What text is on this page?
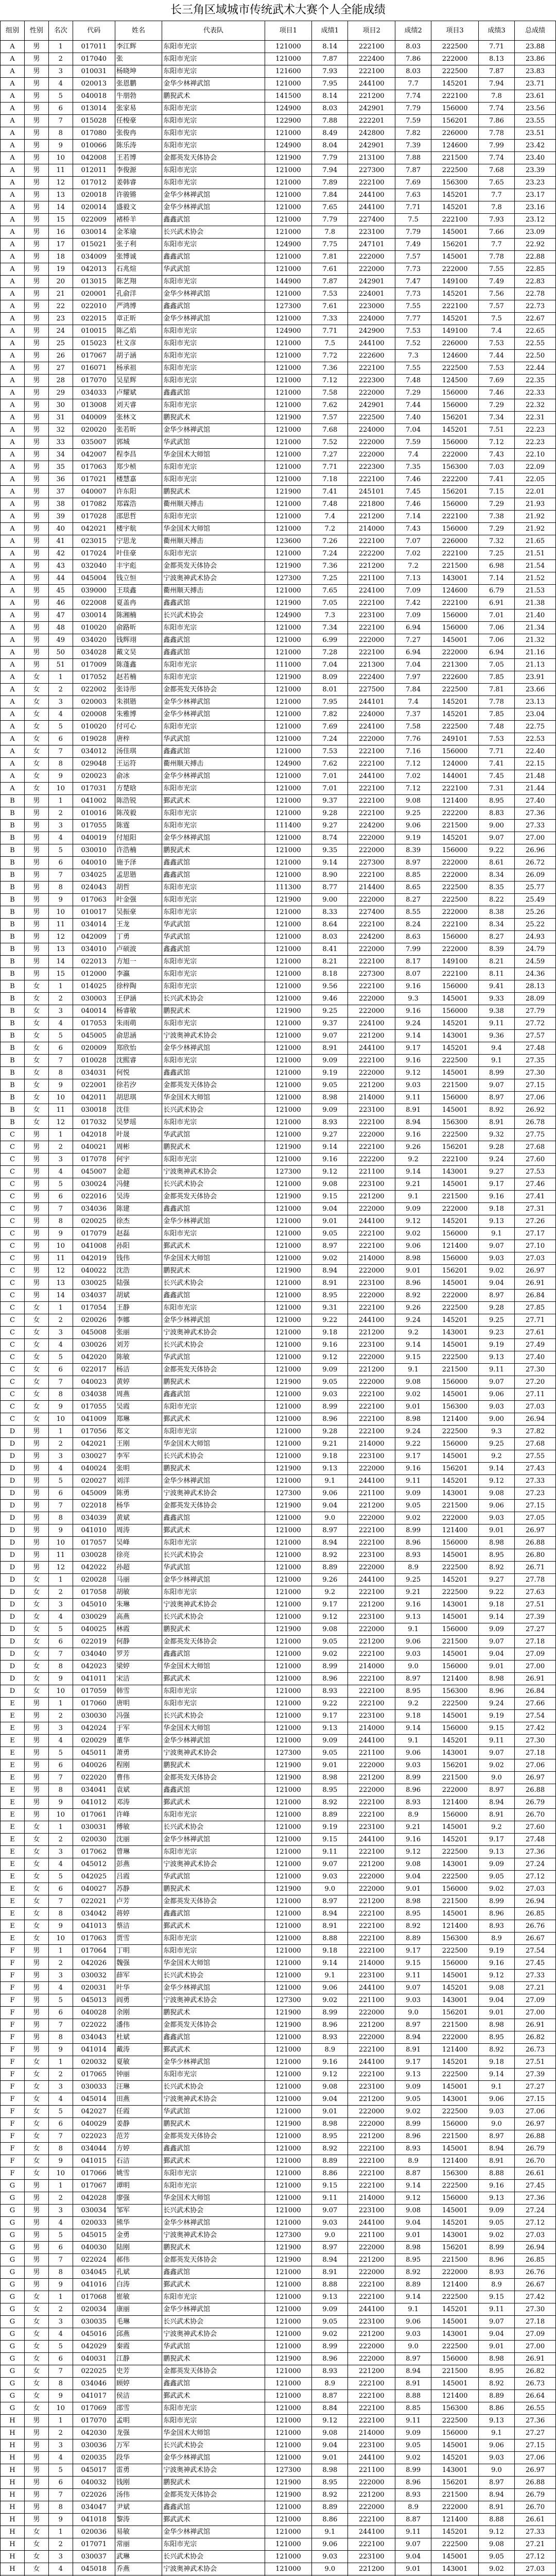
长三角区域城市传统武术大赛个人全能成绩
组别	性别	名次	代码	姓名	代表队	项目1	成绩1	项目2	成绩2	项目3	成绩3	总成绩
A	男	1	017011	李江辉	东阳市光宗	121000	8.14	222100	8.03	222500	7.71	23.88
A	男	2	017040	张	东阳市光宗	121000	7.87	222400	7.86	222000	8.13	23.86
A	男	3	010031	杨晓坤	东阳市光宗	121600	7.93	222100	8.03	222500	7.87	23.83
A	男	4	020013	张恩鹏	金华少林禅武馆	121000	7.95	244100	7.7	145201	7.94	23.71
A	男	5	040018	牛朋勃	鹏猊武术	141500	8.14	221200	7.74	222100	7.8	23.61
A	男	6	013014	张家易	东阳市光宗	124900	8.03	242901	7.79	156000	7.74	23.56
A	男	7	015028	任梭豪	东阳市光宗	122900	7.88	222201	7.59	156201	7.86	23.55
A	男	8	017080	张俊冉	东阳市光宗	121000	8.49	242800	7.82	226000	7.78	23.51
A	男	9	010066	陈乐涛	东阳市光宗	124900	8.04	242901	7.39	124600	7.99	23.42
A	男	10	042008	王若博	金都英发天体协会	121900	7.79	213100	7.88	221500	7.74	23.40
A	男	11	012011	李俊源	东阳市光宗	121000	7.94	227300	7.87	222500	7.68	23.39
A	男	12	017012	姜韩睿	东阳市光宗	121000	7.89	222100	7.69	156300	7.65	23.23
A	男	13	020018	许骏锵	金华少林禅武馆	121000	7.84	244100	7.63	145201	7.7	23.17
A	男	14	020014	盛毅文	金华少林禅武馆	121000	7.65	244100	7.71	145201	7.8	23.16
A	男	15	022009	褚桥羊	鑫鑫武馆	121000	7.79	227400	7.5	222100	7.93	23.12
A	男	16	030014	金苯瑜	长兴武术协会	121000	7.8	223100	7.79	145001	7.66	23.09
A	男	17	015021	张子利	东阳市光宗	124900	7.75	247101	7.49	156201	7.7	22.92
A	男	18	034009	张博诚	鑫鑫武馆	121000	7.81	222000	7.57	145001	7.78	22.88
A	男	19	042013	石兆煊	华武武馆	121000	7.61	222000	7.73	222000	7.55	22.85
A	男	20	013015	陈艺翔	东阳市光宗	144900	7.87	242901	7.47	149100	7.49	22.83
A	男	21	020001	孔俞洋	金华少林禅武馆	121000	7.53	224001	7.73	145201	7.56	22.78
A	男	22	022010	严鸿博	鑫鑫武馆	127300	7.61	223000	7.55	222100	7.57	22.73
A	男	23	022015	章正昕	金华少林禅武馆	121000	7.33	224000	7.77	145201	7.5	22.67
A	男	24	010015	陈乙焰	东阳市光宗	124900	7.71	242900	7.53	149100	7.4	22.65
A	男	25	015023	杜文彦	东阳市光宗	121000	7.5	244100	7.52	226000	7.53	22.55
A	男	26	017067	胡子涵	东阳市光宗	121000	7.72	222600	7.3	124600	7.44	22.50
A	男	27	016071	杨承祖	东阳市光宗	121000	7.36	222100	7.55	222500	7.53	22.44
A	男	28	017070	吴星辉	东阳市光宗	121000	7.12	222300	7.48	124500	7.69	22.35
A	男	29	034033	卢耀斌	鑫鑫武馆	121000	7.58	222000	7.29	156000	7.46	22.33
A	男	30	013008	刘天睿	东阳市光宗	121000	7.62	242901	7.44	156000	7.29	22.32
A	男	31	040009	张林文	鹏猊武术	121900	7.57	222500	7.40	156201	7.34	22.31
A	男	32	020020	张若昕	金华少林禅武馆	121000	7.68	224000	7.04	145201	7.51	22.23
A	男	33	035007	郭城	华武武馆	121000	7.52	222000	7.59	156000	7.12	22.23
A	男	34	042007	程李昌	华金国术大师馆	121000	7.27	222000	7.4	222000	7.43	22.10
A	男	35	017063	郑少桢	东阳市光宗	121000	7.71	222300	7.35	156300	7.03	22.09
A	男	36	017021	楼慧嘉	东阳市光宗	121000	7.18	222100	7.46	222200	7.41	22.05
A	男	37	040007	许东阳	鹏猊武术	121900	7.41	245101	7.45	156201	7.15	22.01
A	男	38	017082	郑霖浩	衢州顺天搏击	121000	7.48	221800	7.46	156000	7.29	21.93
A	男	39	017028	邵思哲	东阳市光宗	121000	7.4	221200	7.14	222100	7.38	21.92
A	男	40	042021	楼宇航	华金国术大师馆	121000	7.2	214000	7.43	156000	7.29	21.92
A	男	41	023015	宁思龙	衢州顺天搏击	123600	7.26	222100	7.07	226000	7.32	21.65
A	男	42	017024	叶佳豪	东阳市光宗	121000	7.24	222200	7.02	222100	7.25	21.51
A	男	43	032040	丰宇彪	金都英发天体协会	121900	7.36	221200	7.2	221500	6.98	21.54
A	男	44	045004	钱立恒	宁波奥神武术协会	127300	7.25	221100	7.13	143001	7.14	21.52
A	男	45	039000	王琰鑫	衢州顺天搏击	121000	7.65	224100	7.09	124600	6.79	21.53
A	男	46	022008	夏盖冉	鑫鑫武馆	121900	7.05	222100	7.42	222100	6.91	21.38
A	男	47	030014	陈湘楠	长兴武术协会	124900	7.3	223100	7.09	156000	7.01	21.40
A	男	48	010020	俞路昕	东阳市光宗	121000	7.34	222100	6.94	156000	7.06	21.34
A	男	49	034020	钱辉翊	鑫鑫武馆	121000	6.99	222000	7.27	145001	7.06	21.32
A	男	50	034028	戴文昊	鑫鑫武馆	121000	7.28	222100	6.94	222000	6.94	21.16
A	男	51	017009	陈蓬鑫	东阳市光宗	111000	7.04	221300	7.04	221300	7.05	21.13
A	女	1	017052	赵若楠	东阳市光宗	121900	8.09	222400	7.97	222600	7.85	23.91
A	女	2	022002	张诗彤	金都英发天体协会	121000	8.01	227500	7.84	222500	7.81	23.66
A	女	3	020003	朱祺锴	金华少林禅武馆	121000	7.95	244101	7.4	145201	7.78	23.13
A	女	4	020008	朱雅博	金华少林禅武馆	121000	7.82	224000	7.37	145201	7.85	23.04
A	女	5	010020	付可心	东阳市光宗	121000	7.69	224100	7.58	222500	7.48	22.75
A	女	6	019028	唐梓	华武武馆	121000	7.24	222000	7.76	249101	7.53	22.53
A	女	7	034012	汤佳琪	鑫鑫武馆	121000	7.53	222100	7.16	156000	7.71	22.40
A	女	8	029048	王运符	衢州顺天搏击	124900	7.62	222100	7.12	124000	7.41	22.15
A	女	9	020023	俞冰	金华少林禅武馆	121000	7.01	244100	7.02	144001	7.45	21.48
A	女	10	017031	方楚晗	东阳市光宗	121000	7.01	222100	7.12	222100	7.31	21.44
B	男	1	041002	陈浩锐	鄞武武术	121000	9.37	222100	9.08	121400	8.95	27.40
B	男	2	010016	陈茂毅	东阳市光宗	121000	9.28	222100	9.25	222200	8.83	27.36
B	男	3	017055	陈霆	东阳市光宗	111400	9.27	224200	9.06	221500	9.00	27.33
B	男	4	040019	付旭阳	金华少林禅武馆	121000	8.74	222000	9.19	145201	9.07	27.00
B	男	5	030010	许浩楠	鹏猊武术	121000	9.35	222000	8.39	156000	9.22	26.96
B	男	6	040010	施予泽	鑫鑫武馆	121000	9.14	227300	8.97	222000	8.61	26.72
B	男	7	034025	孟思锴	鑫鑫武馆	121000	8.90	222100	8.85	222000	8.34	26.09
B	男	8	024043	胡哲	东阳市光宗	111300	8.77	214400	8.65	222500	8.35	25.77
B	男	9	017063	叶金强	东阳市光宗	121900	9.00	222000	8.27	222500	8.22	25.49
B	男	10	010017	吴振豪	东阳市光宗	121000	8.33	227400	8.55	222000	8.38	25.26
B	男	11	034014	王龙	华武武馆	121000	8.64	222100	8.24	222100	8.34	25.22
B	男	12	042009	丁勇	华武武馆	121000	8.03	224200	8.63	156000	8.27	24.93
B	男	13	034010	卢硕波	鑫鑫武馆	121000	8.41	222000	7.99	222000	8.39	24.79
B	男	14	022013	方旭一	东阳市光宗	121000	8.21	222100	8.17	149100	8.21	24.59
B	男	15	012000	李瀛	东阳市光宗	121000	8.18	227300	8.07	222100	8.11	24.36
B	女	1	014025	徐梓陶	东阳市光宗	121000	9.56	222100	9.16	156000	9.41	28.13
B	女	2	030003	王伊涵	长兴武术协会	121000	9.46	222000	9.3	145001	9.33	28.09
B	女	3	040014	杨睿敏	鹏猊武术	121900	9.25	222000	9.16	156000	9.38	27.79
B	女	4	017053	朱雨萌	东阳市光宗	121000	9.37	224100	9.24	145201	9.11	27.72
B	女	5	045005	俞思涵	宁波奥神武术协会	121000	9.07	221200	9.14	143001	9.36	27.57
B	女	6	020009	郑欣怡	金华少林禅武馆	121000	8.91	244100	9.17	145201	9.4	27.48
B	女	7	010028	沈熙睿	东阳市光宗	121000	9.09	222100	9.16	222500	9.1	27.35
B	女	8	034031	何悦	鑫鑫武馆	121000	9.19	222000	9.12	145001	8.99	27.30
B	女	9	022001	徐若汐	金都英发天体协会	121000	9.05	221200	9.03	221500	9.07	27.15
B	女	10	042011	胡思琪	华金国术大师馆	121000	8.98	214000	9.11	156000	8.97	27.06
B	女	11	030018	沈佳	长兴武术协会	121000	9.09	223100	8.91	145001	8.92	26.92
B	女	12	017032	吴梦瑶	东阳市光宗	121000	8.93	222100	8.94	156300	8.91	26.78
C	男	1	042018	叶晟	华武武馆	121000	9.27	222000	9.16	222500	9.32	27.75
C	男	2	040021	周彬	鹏猊武术	121900	9.14	222100	9.26	156201	9.28	27.68
C	男	3	017078	何宇	东阳市光宗	121000	9.16	222200	9.2	222100	9.24	27.60
C	男	4	045007	金超	宁波奥神武术协会	127300	9.12	221100	9.14	143001	9.27	27.53
C	男	5	030024	冯健	长兴武术协会	121000	9.08	223100	9.21	145001	9.17	27.46
C	男	6	022016	吴涛	金都英发天体协会	121900	9.15	221200	9.1	221500	9.16	27.41
C	男	7	034036	陈建	鑫鑫武馆	121000	9.04	222000	9.09	222000	9.18	27.31
C	男	8	020025	徐杰	金华少林禅武馆	121000	9.01	244100	9.12	145201	9.13	27.26
C	男	9	017079	赵磊	东阳市光宗	121000	9.05	222100	9.02	156000	9.1	27.17
C	男	10	041008	孙阳	鄞武武术	121000	8.97	222100	9.06	121400	9.07	27.10
C	男	11	042019	钱伟	华金国术大师馆	121000	9.02	214000	8.98	156000	9.03	27.03
C	男	12	040022	沈浩	鹏猊武术	121900	8.94	222000	9.01	156201	9.02	26.97
C	男	13	030025	陆强	长兴武术协会	121000	8.91	223100	8.96	145001	9.04	26.91
C	男	14	034037	胡斌	鑫鑫武馆	121000	8.95	222000	8.92	222000	8.97	26.84
C	女	1	017054	王静	东阳市光宗	121000	9.31	222100	9.26	222500	9.28	27.85
C	女	2	020026	李娜	金华少林禅武馆	121000	9.22	244100	9.24	145201	9.25	27.71
C	女	3	045008	张丽	宁波奥神武术协会	121000	9.18	221200	9.2	143001	9.23	27.61
C	女	4	030026	刘芳	长兴武术协会	121000	9.16	223100	9.14	145001	9.19	27.49
C	女	5	042020	陈敏	华武武馆	121000	9.12	222000	9.15	222500	9.13	27.40
C	女	6	022017	杨洁	金都英发天体协会	121000	9.09	221200	9.1	221500	9.11	27.30
C	女	7	040023	黄婷	鹏猊武术	121900	9.05	222000	9.08	156000	9.07	27.20
C	女	8	034038	周燕	鑫鑫武馆	121000	9.03	222100	9.02	145001	9.06	27.11
C	女	9	017055	吴霞	东阳市光宗	121000	8.99	222100	9.01	156300	9.03	27.03
C	女	10	041009	郑琳	鄞武武术	121000	8.96	222100	8.98	121400	9.00	26.94
D	男	1	017056	郑文	东阳市光宗	121000	9.28	222100	9.24	222500	9.3	27.82
D	男	2	042021	王刚	华金国术大师馆	121000	9.21	214000	9.22	156000	9.25	27.68
D	男	3	030027	李军	长兴武术协会	121000	9.18	223100	9.17	145001	9.2	27.55
D	男	4	040024	张明	鹏猊武术	121900	9.13	222000	9.16	156201	9.14	27.43
D	男	5	020027	刘洋	金华少林禅武馆	121000	9.1	244100	9.11	145201	9.12	27.33
D	男	6	045009	陈勇	宁波奥神武术协会	127300	9.06	221100	9.09	143001	9.08	27.23
D	男	7	022018	杨华	金都英发天体协会	121900	9.04	221200	9.05	221500	9.06	27.15
D	男	8	034039	黄斌	鑫鑫武馆	121000	9.0	222000	9.02	222000	9.03	27.05
D	男	9	041010	周涛	鄞武武术	121000	8.97	222100	8.99	121400	9.01	26.97
D	男	10	017057	吴峰	东阳市光宗	121000	8.94	222100	8.96	156000	8.98	26.88
D	男	11	030028	徐亮	长兴武术协会	121000	8.92	223100	8.93	145001	8.95	26.80
D	男	12	042022	孙超	华武武馆	121000	8.89	222000	8.9	222500	8.92	26.71
D	女	1	020028	马丽	金华少林禅武馆	121000	9.26	244100	9.25	145201	9.27	27.78
D	女	2	017058	胡敏	东阳市光宗	121000	9.2	222100	9.21	222500	9.22	27.63
D	女	3	045010	朱琳	宁波奥神武术协会	121000	9.17	221200	9.16	143001	9.18	27.51
D	女	4	030029	高燕	长兴武术协会	121000	9.12	223100	9.13	145001	9.14	27.39
D	女	5	040025	林霞	鹏猊武术	121900	9.08	222000	9.1	156000	9.09	27.27
D	女	6	022019	何静	金都英发天体协会	121000	9.05	221200	9.06	221500	9.07	27.18
D	女	7	034040	罗芳	鑫鑫武馆	121000	9.02	222100	9.03	145001	9.04	27.09
D	女	8	042023	梁婷	华金国术大师馆	121000	8.99	214000	9.0	156000	9.01	27.00
D	女	9	041011	宋洁	鄞武武术	121000	8.96	222100	8.97	121400	8.98	26.91
D	女	10	017059	韩雪	东阳市光宗	121000	8.93	222100	8.95	156300	8.96	26.84
E	男	1	017060	唐明	东阳市光宗	121000	9.22	222100	9.2	222500	9.24	27.66
E	男	2	030030	冯强	长兴武术协会	121000	9.17	223100	9.18	145001	9.19	27.54
E	男	3	042024	于军	华金国术大师馆	121000	9.13	214000	9.14	156000	9.15	27.42
E	男	4	020029	董华	金华少林禅武馆	121000	9.09	244100	9.1	145201	9.11	27.30
E	男	5	045011	萧勇	宁波奥神武术协会	127300	9.05	221100	9.06	143001	9.07	27.18
E	男	6	040026	程刚	鹏猊武术	121900	9.01	222000	9.03	156201	9.02	27.06
E	男	7	022020	曹伟	金都英发天体协会	121900	8.98	221200	8.99	221500	9.0	26.97
E	男	8	034041	袁斌	鑫鑫武馆	121000	8.95	222000	8.96	222000	8.97	26.88
E	男	9	041012	邓涛	鄞武武术	121000	8.92	222100	8.93	121400	8.94	26.79
E	男	10	017061	许峰	东阳市光宗	121000	8.89	222100	8.9	156000	8.91	26.70
E	女	1	030031	傅敏	长兴武术协会	121000	9.19	223100	9.21	145001	9.2	27.60
E	女	2	020030	沈丽	金华少林禅武馆	121000	9.15	244100	9.16	145201	9.17	27.48
E	女	3	017062	曾琳	东阳市光宗	121000	9.11	222100	9.12	222500	9.13	27.36
E	女	4	045012	彭燕	宁波奥神武术协会	121000	9.07	221200	9.08	143001	9.09	27.24
E	女	5	042025	吕霞	华武武馆	121000	9.03	222000	9.04	222500	9.05	27.12
E	女	6	040027	苏静	鹏猊武术	121900	9.0	222000	9.01	156000	9.02	27.03
E	女	7	022021	卢芳	金都英发天体协会	121000	8.97	221200	8.98	221500	8.99	26.94
E	女	8	034042	蒋婷	鑫鑫武馆	121000	8.94	222100	8.95	145001	8.96	26.85
E	女	9	041013	蔡洁	鄞武武术	121000	8.91	222100	8.92	121400	8.93	26.76
E	女	10	017063	贾雪	东阳市光宗	121000	8.88	222100	8.89	156300	8.9	26.67
F	男	1	017064	丁明	东阳市光宗	121000	9.18	222100	9.17	222500	9.19	27.54
F	男	2	042026	魏强	华金国术大师馆	121000	9.14	214000	9.15	156000	9.16	27.45
F	男	3	030032	薛军	长兴武术协会	121000	9.1	223100	9.11	145001	9.12	27.33
F	男	4	020031	叶华	金华少林禅武馆	121000	9.06	244100	9.07	145201	9.08	27.21
F	男	5	045013	阎勇	宁波奥神武术协会	127300	9.02	221100	9.03	143001	9.04	27.09
F	男	6	040028	余刚	鹏猊武术	121900	8.99	222000	9.0	156201	9.01	27.00
F	男	7	022022	潘伟	金都英发天体协会	121900	8.96	221200	8.97	221500	8.98	26.91
F	男	8	034043	杜斌	鑫鑫武馆	121000	8.93	222000	8.94	222000	8.95	26.82
F	男	9	041014	戴涛	鄞武武术	121000	8.9	222100	8.91	121400	8.92	26.73
F	女	1	020032	夏敏	金华少林禅武馆	121000	9.16	244100	9.17	145201	9.18	27.51
F	女	2	017065	钟丽	东阳市光宗	121000	9.12	222100	9.13	222500	9.14	27.39
F	女	3	030033	汪琳	长兴武术协会	121000	9.08	223100	9.09	145001	9.1	27.27
F	女	4	045014	田燕	宁波奥神武术协会	121000	9.04	221200	9.05	143001	9.06	27.15
F	女	5	042027	任霞	华武武馆	121000	9.01	222000	9.02	222500	9.03	27.06
F	女	6	040029	姜静	鹏猊武术	121900	8.98	222000	8.99	156000	9.0	26.97
F	女	7	022023	范芳	金都英发天体协会	121000	8.95	221200	8.96	221500	8.97	26.88
F	女	8	034044	方婷	鑫鑫武馆	121000	8.92	222100	8.93	145001	8.94	26.79
F	女	9	041015	石洁	鄞武武术	121000	8.89	222100	8.9	121400	8.91	26.70
F	女	10	017066	姚雪	东阳市光宗	121000	8.86	222100	8.87	156300	8.88	26.61
G	男	1	017067	谭明	东阳市光宗	121000	9.15	222100	9.14	222500	9.16	27.45
G	男	2	042028	廖强	华金国术大师馆	121000	9.11	214000	9.12	156000	9.13	27.36
G	男	3	030034	邹军	长兴武术协会	121000	9.07	223100	9.08	145001	9.09	27.24
G	男	4	020033	熊华	金华少林禅武馆	121000	9.03	244100	9.04	145201	9.05	27.12
G	男	5	045015	金勇	宁波奥神武术协会	127300	9.0	221100	9.01	143001	9.02	27.03
G	男	6	040030	陆刚	鹏猊武术	121900	8.97	222000	8.98	156201	8.99	26.94
G	男	7	022024	郝伟	金都英发天体协会	121900	8.94	221200	8.95	221500	8.96	26.85
G	男	8	034045	孔斌	鑫鑫武馆	121000	8.91	222000	8.92	222000	8.93	26.76
G	男	9	041016	白涛	鄞武武术	121000	8.88	222100	8.89	121400	8.9	26.67
G	女	1	017068	崔敏	东阳市光宗	121000	9.13	222100	9.14	222500	9.15	27.42
G	女	2	020034	康丽	金华少林禅武馆	121000	9.09	244100	9.1	145201	9.11	27.30
G	女	3	030035	毛琳	长兴武术协会	121000	9.05	223100	9.06	145001	9.07	27.18
G	女	4	045016	邱燕	宁波奥神武术协会	121000	9.02	221200	9.03	143001	9.04	27.09
G	女	5	042029	秦霞	华武武馆	121000	8.99	222000	9.0	222500	9.01	27.00
G	女	6	040031	江静	鹏猊武术	121900	8.96	222000	8.97	156000	8.98	26.91
G	女	7	022025	史芳	金都英发天体协会	121000	8.93	221200	8.94	221500	8.95	26.82
G	女	8	034046	顾婷	鑫鑫武馆	121000	8.9	222100	8.91	145001	8.92	26.73
G	女	9	041017	侯洁	鄞武武术	121000	8.87	222100	8.88	121400	8.89	26.64
G	女	10	017069	邵雪	东阳市光宗	121000	8.84	222100	8.85	156300	8.86	26.55
H	男	1	017070	孟明	东阳市光宗	121000	9.12	222100	9.11	222500	9.13	27.36
H	男	2	042030	龙强	华金国术大师馆	121000	9.08	214000	9.09	156000	9.1	27.27
H	男	3	030036	万军	长兴武术协会	121000	9.04	223100	9.05	145001	9.06	27.15
H	男	4	020035	段华	金华少林禅武馆	121000	9.01	244100	9.02	145201	9.03	27.06
H	男	5	045017	雷勇	宁波奥神武术协会	127300	8.98	221100	8.99	143001	9.0	26.97
H	男	6	040032	钱刚	鹏猊武术	121900	8.95	222000	8.96	156201	8.97	26.88
H	男	7	022026	汤伟	金都英发天体协会	121900	8.92	221200	8.93	221500	8.94	26.79
H	男	8	034047	尹斌	鑫鑫武馆	121000	8.89	222000	8.9	222000	8.91	26.70
H	男	9	041018	黎涛	鄞武武术	121000	8.86	222100	8.87	121400	8.88	26.61
H	女	1	020036	易敏	金华少林禅武馆	121000	9.1	244100	9.11	145201	9.12	27.33
H	女	2	017071	常丽	东阳市光宗	121000	9.06	222100	9.07	222500	9.08	27.21
H	女	3	030037	武琳	长兴武术协会	121000	9.03	223100	9.04	145001	9.05	27.12
H	女	4	045018	乔燕	宁波奥神武术协会	121000	9.0	221200	9.01	143001	9.02	27.03
